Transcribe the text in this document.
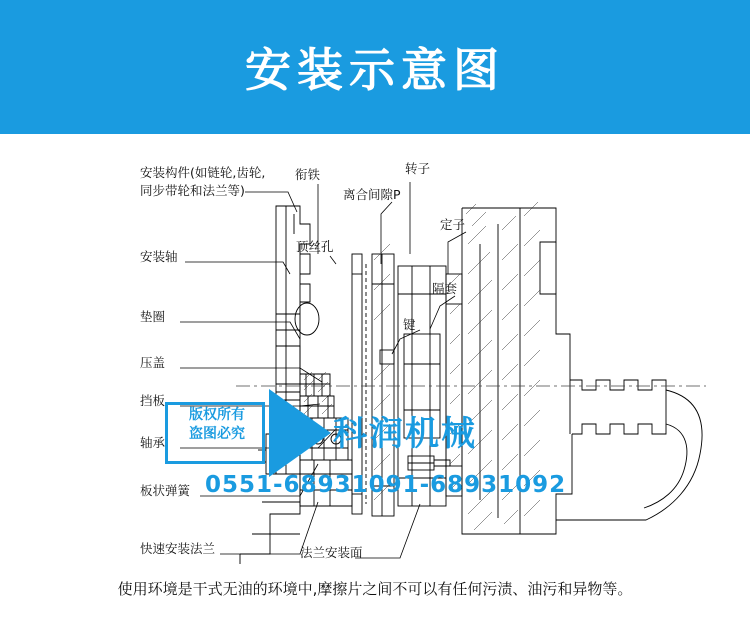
安装示意图
安装构件(如链轮,齿轮,同步带轮和法兰等)
衔铁	转子
离合间隙P
定子
安装轴
顶丝孔
隔套
垫圈
键
压盖
挡板
轴承
板状弹簧
快速安装法兰	法兰安装面
版权所有
盗图必究	科润机械
0551-68931091-68931092
使用环境是干式无油的环境中,摩擦片之间不可以有任何污渍、油污和异物等。
